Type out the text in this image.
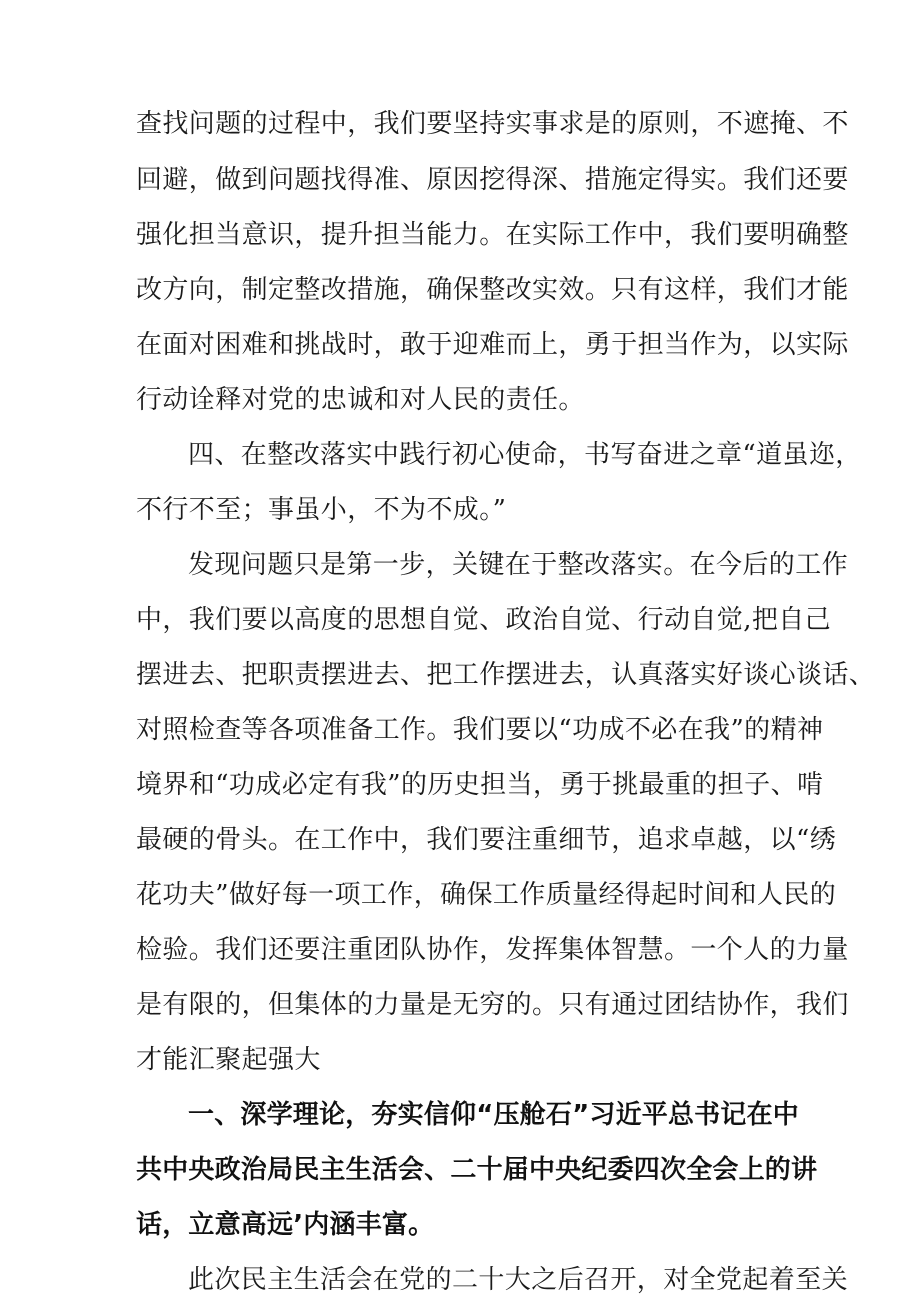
查找问题的过程中，我们要坚持实事求是的原则，不遮掩、不
回避，做到问题找得准、原因挖得深、措施定得实。我们还要
强化担当意识，提升担当能力。在实际工作中，我们要明确整
改方向，制定整改措施，确保整改实效。只有这样，我们才能
在面对困难和挑战时，敢于迎难而上，勇于担当作为，以实际
行动诠释对党的忠诚和对人民的责任。
四、在整改落实中践行初心使命，书写奋进之章“道虽迩，
不行不至；事虽小，不为不成。”
发现问题只是第一步，关键在于整改落实。在今后的工作
中，我们要以高度的思想自觉、政治自觉、行动自觉,把自己
摆进去、把职责摆进去、把工作摆进去，认真落实好谈心谈话、
对照检查等各项准备工作。我们要以“功成不必在我”的精神
境界和“功成必定有我”的历史担当，勇于挑最重的担子、啃
最硬的骨头。在工作中，我们要注重细节，追求卓越，以“绣
花功夫”做好每一项工作，确保工作质量经得起时间和人民的
检验。我们还要注重团队协作，发挥集体智慧。一个人的力量
是有限的，但集体的力量是无穷的。只有通过团结协作，我们
才能汇聚起强大
一、深学理论，夯实信仰“压舱石”习近平总书记在中
共中央政治局民主生活会、二十届中央纪委四次全会上的讲
话，立意高远’内涵丰富。
此次民主生活会在党的二十大之后召开，对全党起着至关
